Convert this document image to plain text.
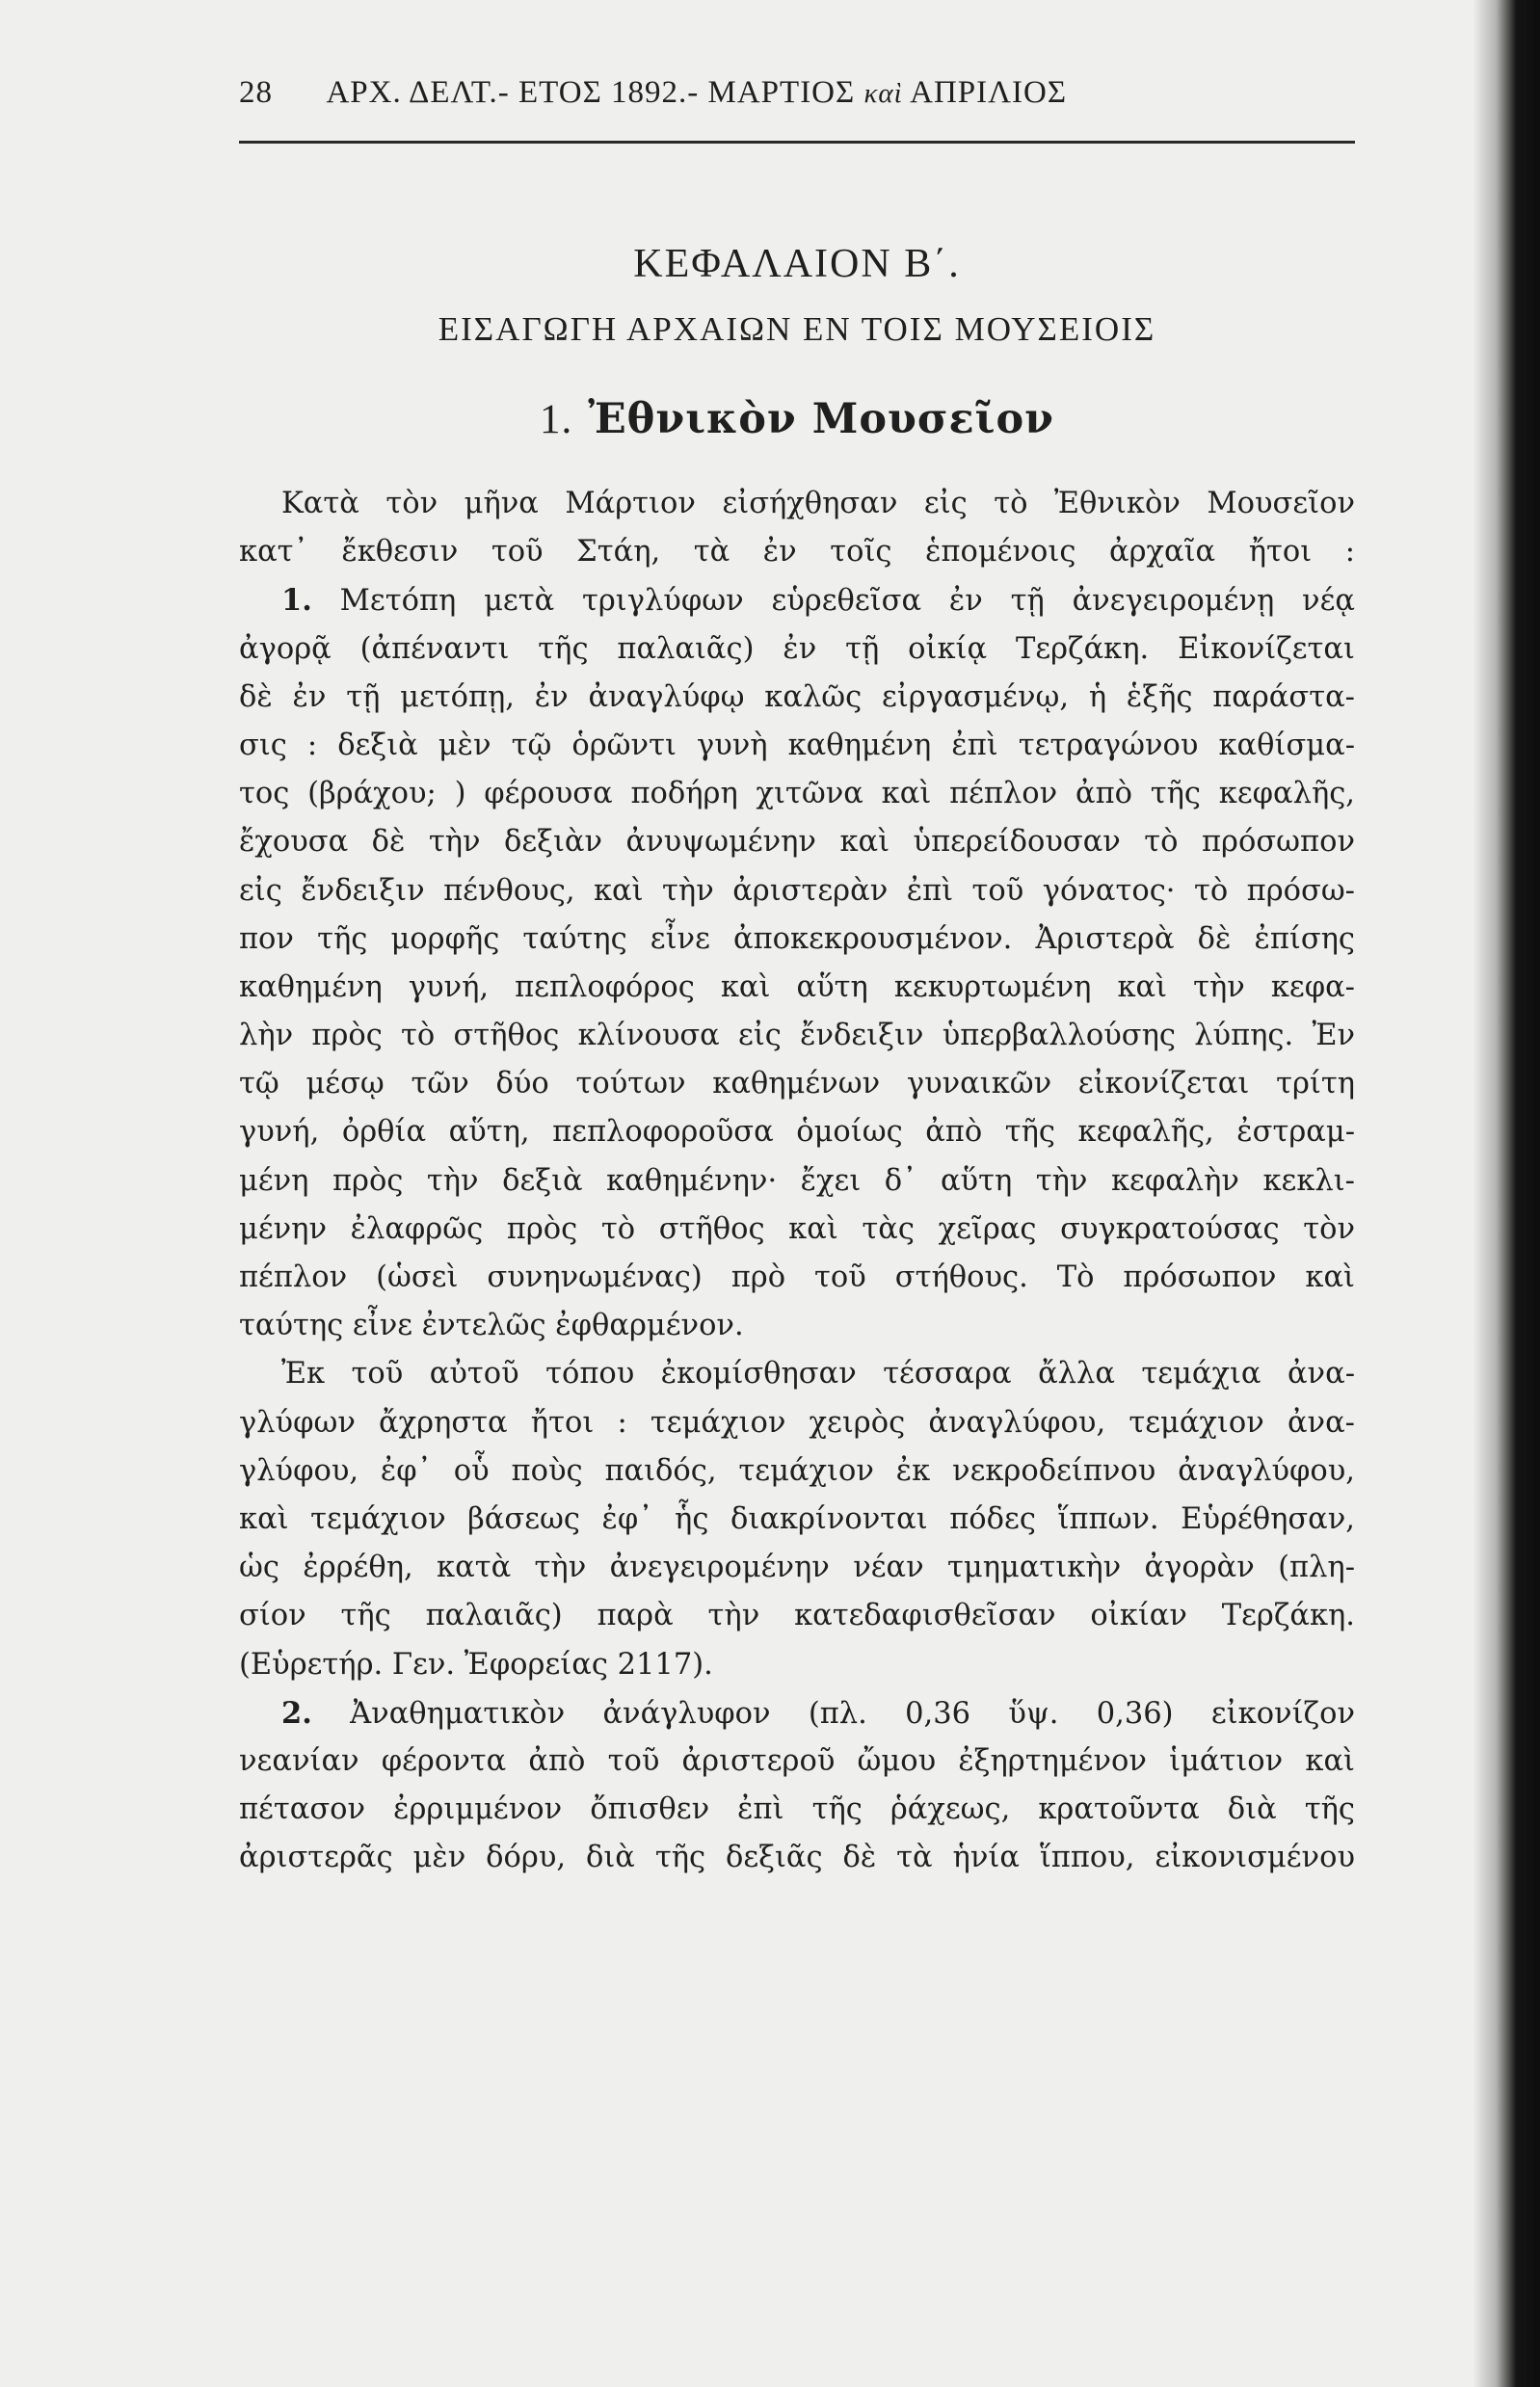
28 ΑΡΧ. ΔΕΛΤ.- ΕΤΟΣ 1892.- ΜΑΡΤΙΟΣ καὶ ΑΠΡΙΛΙΟΣ
ΚΕΦΑΛΑΙΟΝ Β΄.
ΕΙΣΑΓΩΓΗ ΑΡΧΑΙΩΝ ΕΝ ΤΟΙΣ ΜΟΥΣΕΙΟΙΣ
1. Ἐθνικὸν Μουσεῖον
Κατὰ τὸν μῆνα Μάρτιον εἰσήχθησαν εἰς τὸ Ἐθνικὸν Μουσεῖον
κατ᾽ ἔκθεσιν τοῦ Στάη, τὰ ἐν τοῖς ἑπομένοις ἀρχαῖα ἤτοι :
1. Μετόπη μετὰ τριγλύφων εὑρεθεῖσα ἐν τῇ ἀνεγειρομένῃ νέᾳ
ἀγορᾷ (ἀπέναντι τῆς παλαιᾶς) ἐν τῇ οἰκίᾳ Τερζάκη. Εἰκονίζεται
δὲ ἐν τῇ μετόπῃ, ἐν ἀναγλύφῳ καλῶς εἰργασμένῳ, ἡ ἑξῆς παράστα-
σις : δεξιὰ μὲν τῷ ὁρῶντι γυνὴ καθημένη ἐπὶ τετραγώνου καθίσμα-
τος (βράχου; ) φέρουσα ποδήρη χιτῶνα καὶ πέπλον ἀπὸ τῆς κεφαλῆς,
ἔχουσα δὲ τὴν δεξιὰν ἀνυψωμένην καὶ ὑπερείδουσαν τὸ πρόσωπον
εἰς ἔνδειξιν πένθους, καὶ τὴν ἀριστερὰν ἐπὶ τοῦ γόνατος· τὸ πρόσω-
πον τῆς μορφῆς ταύτης εἶνε ἀποκεκρουσμένον. Ἀριστερὰ δὲ ἐπίσης
καθημένη γυνή, πεπλοφόρος καὶ αὕτη κεκυρτωμένη καὶ τὴν κεφα-
λὴν πρὸς τὸ στῆθος κλίνουσα εἰς ἔνδειξιν ὑπερβαλλούσης λύπης. Ἐν
τῷ μέσῳ τῶν δύο τούτων καθημένων γυναικῶν εἰκονίζεται τρίτη
γυνή, ὀρθία αὕτη, πεπλοφοροῦσα ὁμοίως ἀπὸ τῆς κεφαλῆς, ἐστραμ-
μένη πρὸς τὴν δεξιὰ καθημένην· ἔχει δ᾽ αὕτη τὴν κεφαλὴν κεκλι-
μένην ἐλαφρῶς πρὸς τὸ στῆθος καὶ τὰς χεῖρας συγκρατούσας τὸν
πέπλον (ὡσεὶ συνηνωμένας) πρὸ τοῦ στήθους. Τὸ πρόσωπον καὶ
ταύτης εἶνε ἐντελῶς ἐφθαρμένον.
Ἐκ τοῦ αὐτοῦ τόπου ἐκομίσθησαν τέσσαρα ἄλλα τεμάχια ἀνα-
γλύφων ἄχρηστα ἤτοι : τεμάχιον χειρὸς ἀναγλύφου, τεμάχιον ἀνα-
γλύφου, ἐφ᾽ οὗ ποὺς παιδός, τεμάχιον ἐκ νεκροδείπνου ἀναγλύφου,
καὶ τεμάχιον βάσεως ἐφ᾽ ἧς διακρίνονται πόδες ἵππων. Εὑρέθησαν,
ὡς ἐρρέθη, κατὰ τὴν ἀνεγειρομένην νέαν τμηματικὴν ἀγορὰν (πλη-
σίον τῆς παλαιᾶς) παρὰ τὴν κατεδαφισθεῖσαν οἰκίαν Τερζάκη.
(Εὑρετήρ. Γεν. Ἐφορείας 2117).
2. Ἀναθηματικὸν ἀνάγλυφον (πλ. 0,36 ὕψ. 0,36) εἰκονίζον
νεανίαν φέροντα ἀπὸ τοῦ ἀριστεροῦ ὤμου ἐξηρτημένον ἱμάτιον καὶ
πέτασον ἐρριμμένον ὄπισθεν ἐπὶ τῆς ῥάχεως, κρατοῦντα διὰ τῆς
ἀριστερᾶς μὲν δόρυ, διὰ τῆς δεξιᾶς δὲ τὰ ἡνία ἵππου, εἰκονισμένου
